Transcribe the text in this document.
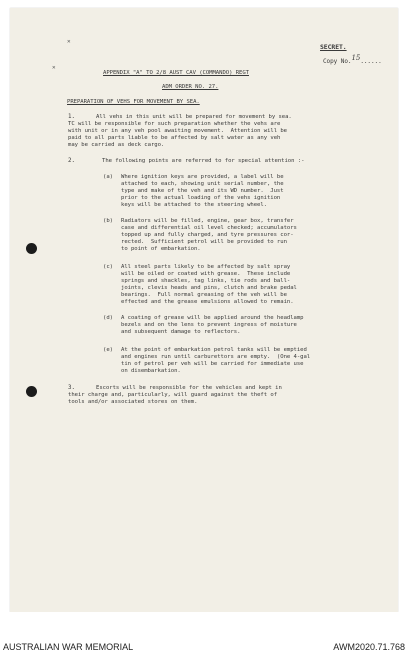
✕
✕
SECRET.
Copy No.15......
APPENDIX "A" TO 2/8 AUST CAV (COMMANDO) REGT
ADM ORDER NO. 27.
PREPARATION OF VEHS FOR MOVEMENT BY SEA.
1.	All vehs in this unit will be prepared for movement by sea.
TC will be responsible for such preparation whether the vehs are
with unit or in any veh pool awaiting movement.  Attention will be
paid to all parts liable to be affected by salt water as any veh
may be carried as deck cargo.
2.	The following points are referred to for special attention :-
(a) Where ignition keys are provided, a label will be
attached to each, showing unit serial number, the
type and make of the veh and its WD number.  Just
prior to the actual loading of the vehs ignition
keys will be attached to the steering wheel.
(b) Radiators will be filled, engine, gear box, transfer
case and differential oil level checked; accumulators
topped up and fully charged, and tyre pressures cor-
rected.  Sufficient petrol will be provided to run
to point of embarkation.
(c) All steel parts likely to be affected by salt spray
will be oiled or coated with grease.  These include
springs and shackles, tag links, tie rods and ball-
joints, clevis heads and pins, clutch and brake pedal
bearings.  Full normal greasing of the veh will be
effected and the grease emulsions allowed to remain.
(d) A coating of grease will be applied around the headlamp
bezels and on the lens to prevent ingress of moisture
and subsequent damage to reflectors.
(e) At the point of embarkation petrol tanks will be emptied
and engines run until carburettors are empty.  (One 4-gal
tin of petrol per veh will be carried for immediate use
on disembarkation.
3.	Escorts will be responsible for the vehicles and kept in
their charge and, particularly, will guard against the theft of
tools and/or associated stores on them.
AUSTRALIAN WAR MEMORIAL	AWM2020.71.768
